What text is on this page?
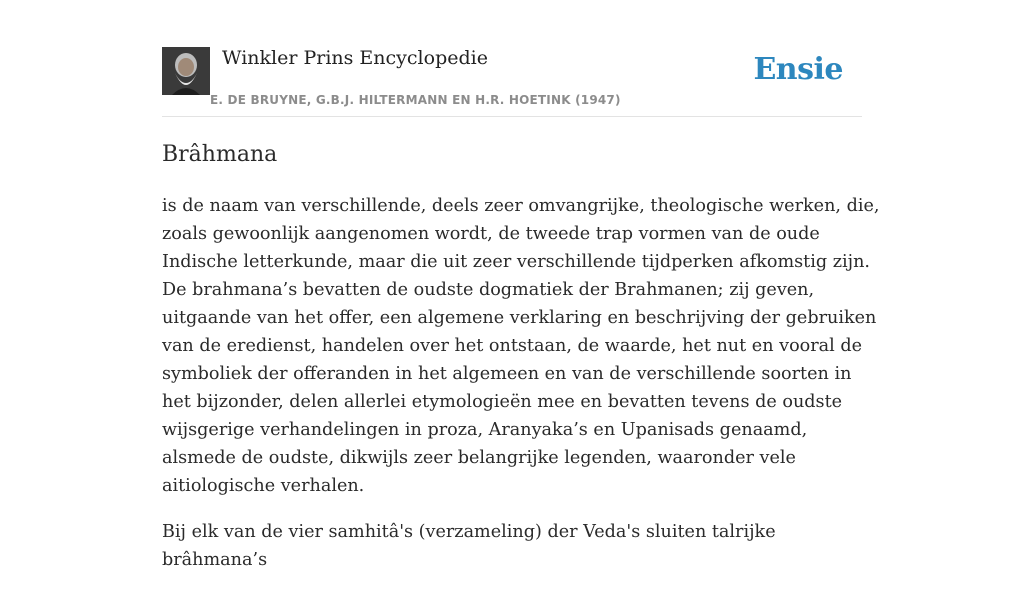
Winkler Prins Encyclopedie
E. DE BRUYNE, G.B.J. HILTERMANN EN H.R. HOETINK (1947)
Ensie
Brâhmana

is de naam van verschillende, deels zeer omvangrijke, theologische werken, die, zoals gewoonlijk aangenomen wordt, de tweede trap vormen van de oude Indische letterkunde, maar die uit zeer verschillende tijdperken afkomstig zijn. De brahmana’s bevatten de oudste dogmatiek der Brahmanen; zij geven, uitgaande van het offer, een algemene verklaring en beschrijving der gebruiken van de eredienst, handelen over het ontstaan, de waarde, het nut en vooral de symboliek der offeranden in het algemeen en van de verschillende soorten in het bijzonder, delen allerlei etymologieën mee en bevatten tevens de oudste wijsgerige verhandelingen in proza, Aranyaka’s en Upanisads genaamd, alsmede de oudste, dikwijls zeer belangrijke legenden, waaronder vele aitiologische verhalen.

Bij elk van de vier samhitâ's (verzameling) der Veda's sluiten talrijke brâhmana’s
